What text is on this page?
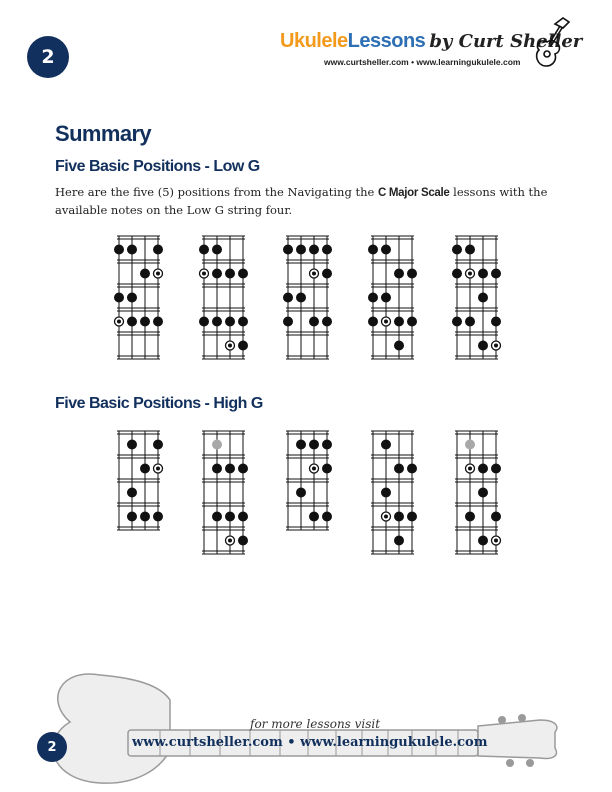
2
UkuleleLessons by Curt Sheller
www.curtsheller.com • www.learningukulele.com
Summary
Five Basic Positions - Low G

Here are the five (5) positions from the Navigating the C Major Scale lessons with the available notes on the Low G string four.

Five Basic Positions - High G
for more lessons visit
www.curtsheller.com • www.learningukulele.com
2
